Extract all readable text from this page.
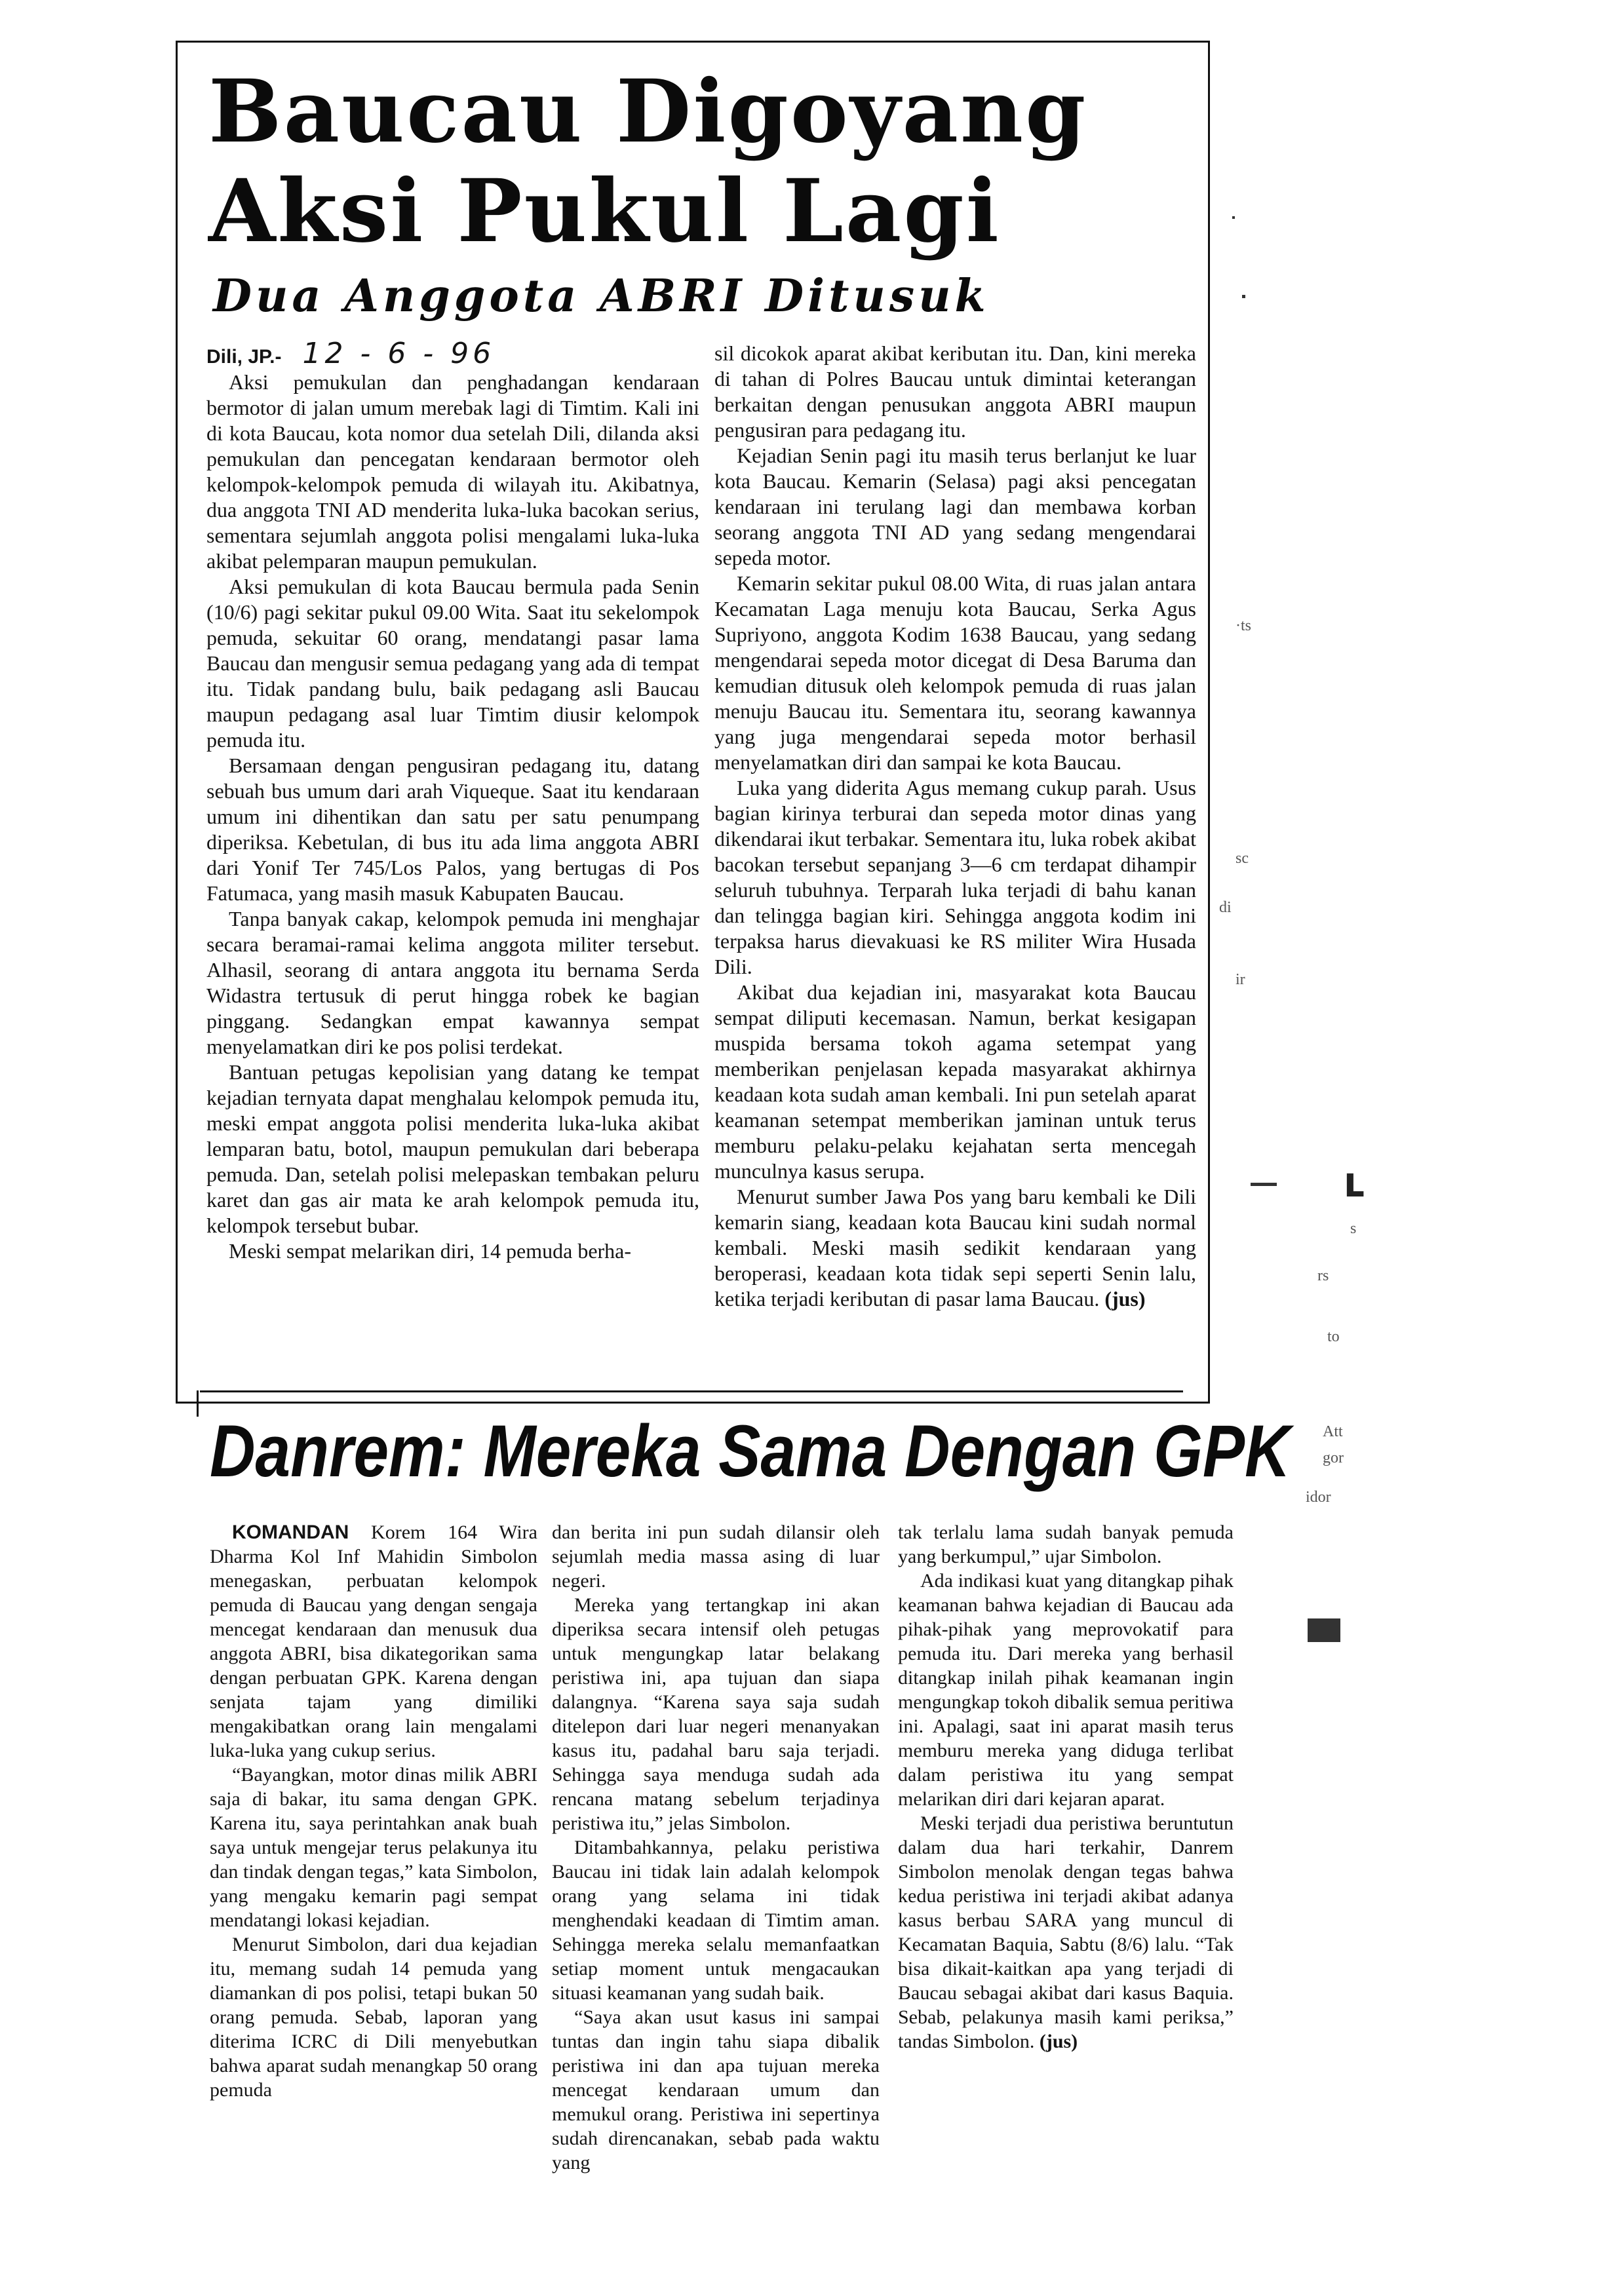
Baucau Digoyang Aksi Pukul Lagi
Dua Anggota ABRI Ditusuk

Dili, JP.- 12 - 6 - 96

Aksi pemukulan dan penghadangan kendaraan bermotor di jalan umum merebak lagi di Timtim. Kali ini di kota Baucau, kota nomor dua setelah Dili, dilanda aksi pemukulan dan pencegatan kendaraan bermotor oleh kelompok-kelompok pemuda di wilayah itu. Akibatnya, dua anggota TNI AD menderita luka-luka bacokan serius, sementara sejumlah anggota polisi mengalami luka-luka akibat pelemparan maupun pemukulan.

Aksi pemukulan di kota Baucau bermula pada Senin (10/6) pagi sekitar pukul 09.00 Wita. Saat itu sekelompok pemuda, sekuitar 60 orang, mendatangi pasar lama Baucau dan mengusir semua pedagang yang ada di tempat itu. Tidak pandang bulu, baik pedagang asli Baucau maupun pedagang asal luar Timtim diusir kelompok pemuda itu.

Bersamaan dengan pengusiran pedagang itu, datang sebuah bus umum dari arah Viqueque. Saat itu kendaraan umum ini dihentikan dan satu per satu penumpang diperiksa. Kebetulan, di bus itu ada lima anggota ABRI dari Yonif Ter 745/Los Palos, yang bertugas di Pos Fatumaca, yang masih masuk Kabupaten Baucau.

Tanpa banyak cakap, kelompok pemuda ini menghajar secara beramai-ramai kelima anggota militer tersebut. Alhasil, seorang di antara anggota itu bernama Serda Widastra tertusuk di perut hingga robek ke bagian pinggang. Sedangkan empat kawannya sempat menyelamatkan diri ke pos polisi terdekat.

Bantuan petugas kepolisian yang datang ke tempat kejadian ternyata dapat menghalau kelompok pemuda itu, meski empat anggota polisi menderita luka-luka akibat lemparan batu, botol, maupun pemukulan dari beberapa pemuda. Dan, setelah polisi melepaskan tembakan peluru karet dan gas air mata ke arah kelompok pemuda itu, kelompok tersebut bubar.

Meski sempat melarikan diri, 14 pemuda berha-

sil dicokok aparat akibat keributan itu. Dan, kini mereka di tahan di Polres Baucau untuk dimintai keterangan berkaitan dengan penusukan anggota ABRI maupun pengusiran para pedagang itu.

Kejadian Senin pagi itu masih terus berlanjut ke luar kota Baucau. Kemarin (Selasa) pagi aksi pencegatan kendaraan ini terulang lagi dan membawa korban seorang anggota TNI AD yang sedang mengendarai sepeda motor.

Kemarin sekitar pukul 08.00 Wita, di ruas jalan antara Kecamatan Laga menuju kota Baucau, Serka Agus Supriyono, anggota Kodim 1638 Baucau, yang sedang mengendarai sepeda motor dicegat di Desa Baruma dan kemudian ditusuk oleh kelompok pemuda di ruas jalan menuju Baucau itu. Sementara itu, seorang kawannya yang juga mengendarai sepeda motor berhasil menyelamatkan diri dan sampai ke kota Baucau.

Luka yang diderita Agus memang cukup parah. Usus bagian kirinya terburai dan sepeda motor dinas yang dikendarai ikut terbakar. Sementara itu, luka robek akibat bacokan tersebut sepanjang 3—6 cm terdapat dihampir seluruh tubuhnya. Terparah luka terjadi di bahu kanan dan telingga bagian kiri. Sehingga anggota kodim ini terpaksa harus dievakuasi ke RS militer Wira Husada Dili.

Akibat dua kejadian ini, masyarakat kota Baucau sempat diliputi kecemasan. Namun, berkat kesigapan muspida bersama tokoh agama setempat yang memberikan penjelasan kepada masyarakat akhirnya keadaan kota sudah aman kembali. Ini pun setelah aparat keamanan setempat memberikan jaminan untuk terus memburu pelaku-pelaku kejahatan serta mencegah munculnya kasus serupa.

Menurut sumber Jawa Pos yang baru kembali ke Dili kemarin siang, keadaan kota Baucau kini sudah normal kembali. Meski masih sedikit kendaraan yang beroperasi, keadaan kota tidak sepi seperti Senin lalu, ketika terjadi keributan di pasar lama Baucau. (jus)

Danrem: Mereka Sama Dengan GPK

KOMANDAN Korem 164 Wira Dharma Kol Inf Mahidin Simbolon menegaskan, perbuatan kelompok pemuda di Baucau yang dengan sengaja mencegat kendaraan dan menusuk dua anggota ABRI, bisa dikategorikan sama dengan perbuatan GPK. Karena dengan senjata tajam yang dimiliki mengakibatkan orang lain mengalami luka-luka yang cukup serius.

“Bayangkan, motor dinas milik ABRI saja di bakar, itu sama dengan GPK. Karena itu, saya perintahkan anak buah saya untuk mengejar terus pelakunya itu dan tindak dengan tegas,” kata Simbolon, yang mengaku kemarin pagi sempat mendatangi lokasi kejadian.

Menurut Simbolon, dari dua kejadian itu, memang sudah 14 pemuda yang diamankan di pos polisi, tetapi bukan 50 orang pemuda. Sebab, laporan yang diterima ICRC di Dili menyebutkan bahwa aparat sudah menangkap 50 orang pemuda

dan berita ini pun sudah dilansir oleh sejumlah media massa asing di luar negeri.

Mereka yang tertangkap ini akan diperiksa secara intensif oleh petugas untuk mengungkap latar belakang peristiwa ini, apa tujuan dan siapa dalangnya. “Karena saya saja sudah ditelepon dari luar negeri menanyakan kasus itu, padahal baru saja terjadi. Sehingga saya menduga sudah ada rencana matang sebelum terjadinya peristiwa itu,” jelas Simbolon.

Ditambahkannya, pelaku peristiwa Baucau ini tidak lain adalah kelompok orang yang selama ini tidak menghendaki keadaan di Timtim aman. Sehingga mereka selalu memanfaatkan setiap moment untuk mengacaukan situasi keamanan yang sudah baik.

“Saya akan usut kasus ini sampai tuntas dan ingin tahu siapa dibalik peristiwa ini dan apa tujuan mereka mencegat kendaraan umum dan memukul orang. Peristiwa ini sepertinya sudah direncanakan, sebab pada waktu yang

tak terlalu lama sudah banyak pemuda yang berkumpul,” ujar Simbolon.

Ada indikasi kuat yang ditangkap pihak keamanan bahwa kejadian di Baucau ada pihak-pihak yang meprovokatif para pemuda itu. Dari mereka yang berhasil ditangkap inilah pihak keamanan ingin mengungkap tokoh dibalik semua peritiwa ini. Apalagi, saat ini aparat masih terus memburu mereka yang diduga terlibat dalam peristiwa itu yang sempat melarikan diri dari kejaran aparat.

Meski terjadi dua peristiwa beruntutun dalam dua hari terkahir, Danrem Simbolon menolak dengan tegas bahwa kedua peristiwa ini terjadi akibat adanya kasus berbau SARA yang muncul di Kecamatan Baquia, Sabtu (8/6) lalu. “Tak bisa dikait-kaitkan apa yang terjadi di Baucau sebagai akibat dari kasus Baquia. Sebab, pelakunya masih kami periksa,” tandas Simbolon. (jus)

ւ
s
rs
to
Att
gor
idor
di
ir
sc
·ts
